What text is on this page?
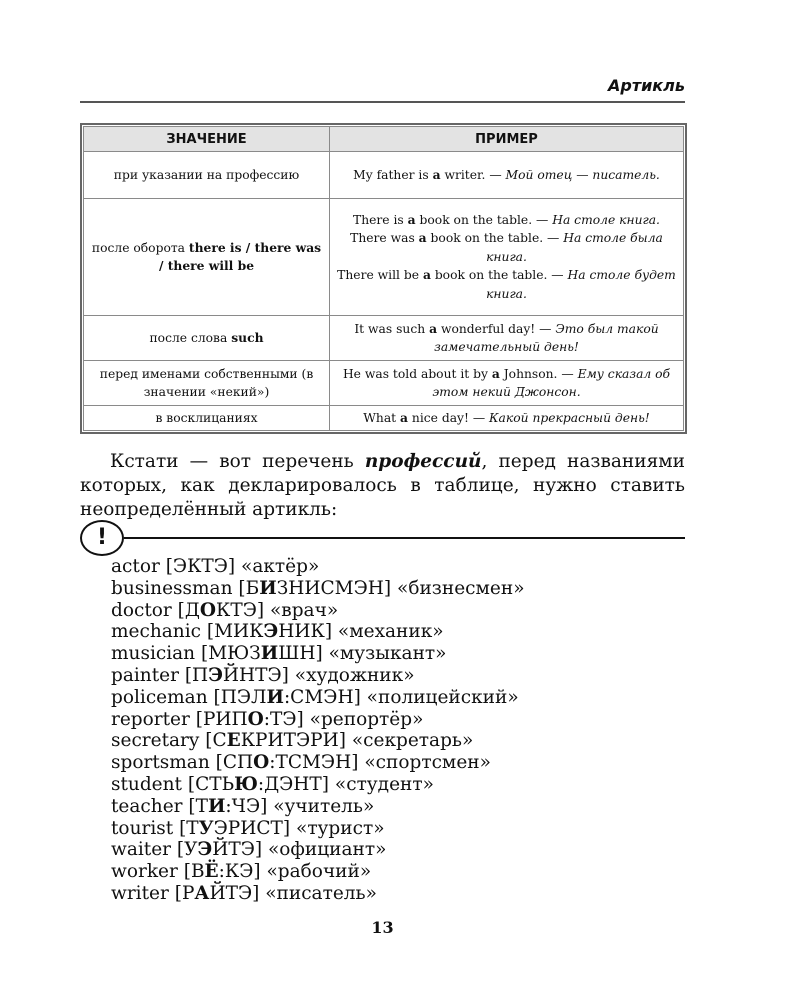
Артикль
ЗНАЧЕНИЕ	ПРИМЕР
при указании на профессию	My father is a writer. — Мой отец — писатель.

после оборота there is / there was / there will be	There is a book on the table. — На столе книга.
There was a book on the table. — На столе была книга.
There will be a book on the table. — На столе будет книга.

после слова such	It was such a wonderful day! — Это был такой замечательный день!

перед именами собственными (в значении «некий»)	He was told about it by a Johnson. — Ему сказал об этом некий Джонсон.

в восклицаниях	What a nice day! — Какой прекрасный день!

Кстати — вот перечень профессий, перед названиями которых, как декларировалось в таблице, нужно ставить неопределённый артикль:

!
actor [ЭКТЭ] «актёр»
businessman [БИЗНИСМЭН] «бизнесмен»
doctor [ДОКТЭ] «врач»
mechanic [МИКЭНИК] «механик»
musician [МЮЗИШН] «музыкант»
painter [ПЭЙНТЭ] «художник»
policeman [ПЭЛИ:СМЭН] «полицейский»
reporter [РИПО:ТЭ] «репортёр»
secretary [СЕКРИТЭРИ] «секретарь»
sportsman [СПО:ТСМЭН] «спортсмен»
student [СТЬЮ:ДЭНТ] «студент»
teacher [ТИ:ЧЭ] «учитель»
tourist [ТУЭРИСТ] «турист»
waiter [УЭЙТЭ] «официант»
worker [ВЁ:КЭ] «рабочий»
writer [РАЙТЭ] «писатель»
13
